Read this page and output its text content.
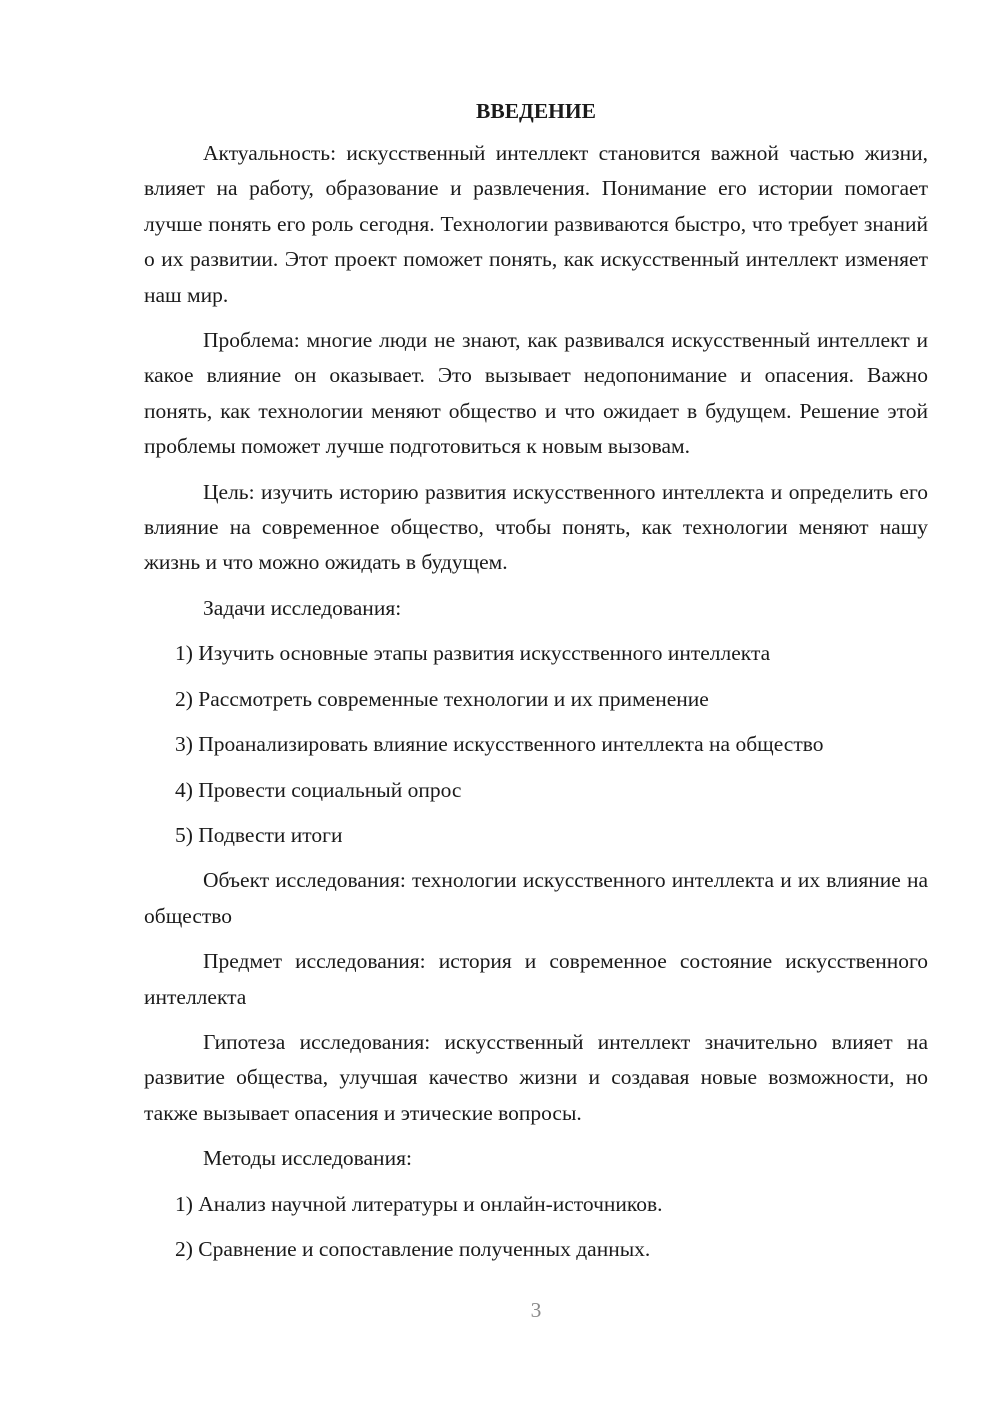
ВВЕДЕНИЕ

Актуальность: искусственный интеллект становится важной частью жизни, влияет на работу, образование и развлечения. Понимание его истории помогает лучше понять его роль сегодня. Технологии развиваются быстро, что требует знаний о их развитии. Этот проект поможет понять, как искусственный интеллект изменяет наш мир.

Проблема: многие люди не знают, как развивался искусственный интеллект и какое влияние он оказывает. Это вызывает недопонимание и опасения. Важно понять, как технологии меняют общество и что ожидает в будущем. Решение этой проблемы поможет лучше подготовиться к новым вызовам.

Цель: изучить историю развития искусственного интеллекта и определить его влияние на современное общество, чтобы понять, как технологии меняют нашу жизнь и что можно ожидать в будущем.

Задачи исследования:

1) Изучить основные этапы развития искусственного интеллекта

2) Рассмотреть современные технологии и их применение

3) Проанализировать влияние искусственного интеллекта на общество

4) Провести социальный опрос

5) Подвести итоги

Объект исследования: технологии искусственного интеллекта и их влияние на общество

Предмет исследования: история и современное состояние искусственного интеллекта

Гипотеза исследования: искусственный интеллект значительно влияет на развитие общества, улучшая качество жизни и создавая новые возможности, но также вызывает опасения и этические вопросы.

Методы исследования:

1) Анализ научной литературы и онлайн-источников.

2) Сравнение и сопоставление полученных данных.

3
